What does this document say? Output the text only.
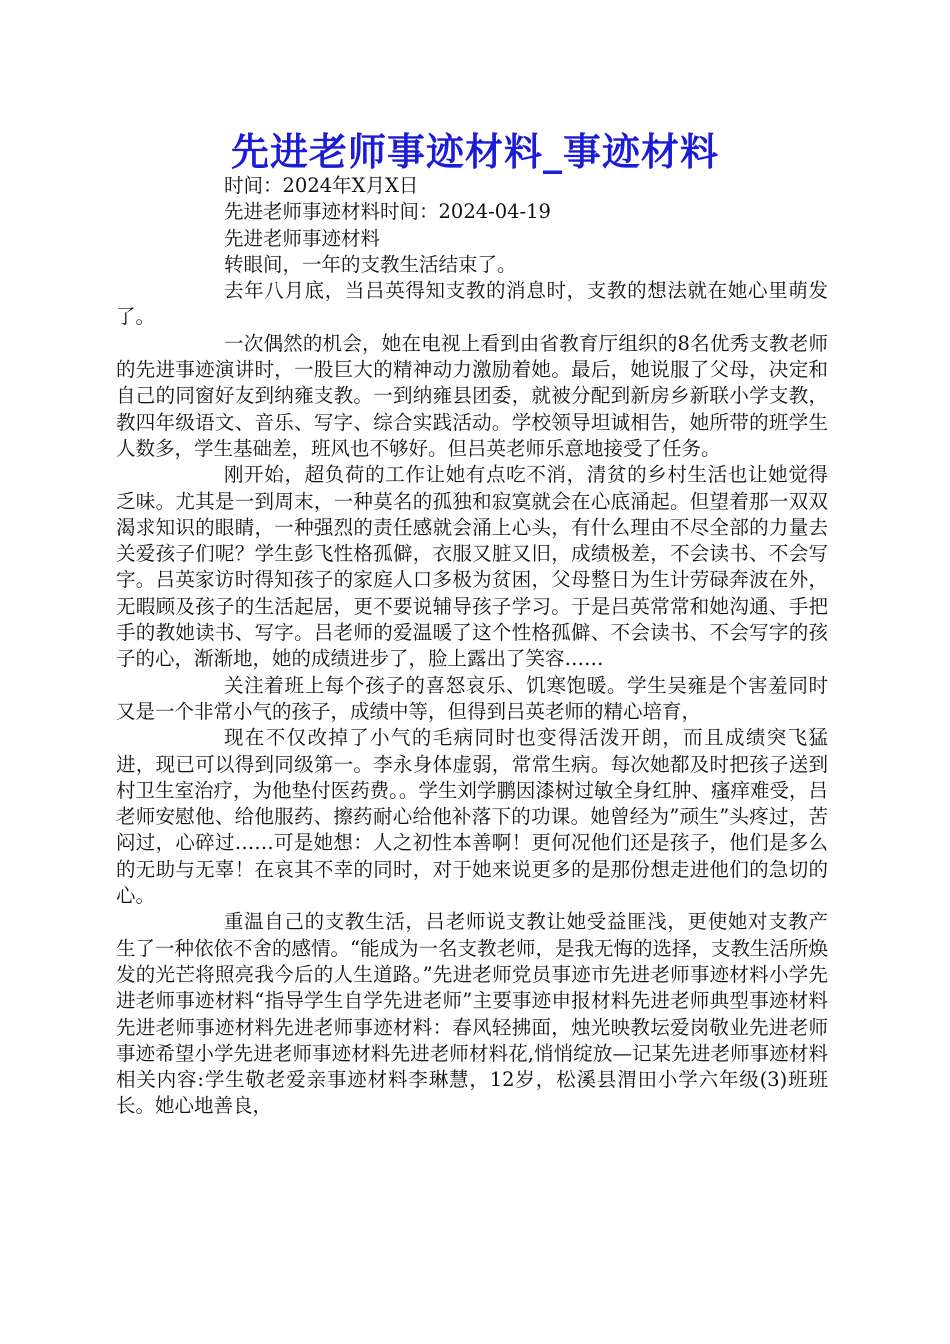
先进老师事迹材料_事迹材料

时间：2024年X月X日

先进老师事迹材料时间：2024-04-19

先进老师事迹材料

转眼间，一年的支教生活结束了。

去年八月底，当吕英得知支教的消息时，支教的想法就在她心里萌发了。

一次偶然的机会，她在电视上看到由省教育厅组织的8名优秀支教老师的先进事迹演讲时，一股巨大的精神动力激励着她。最后，她说服了父母，决定和自己的同窗好友到纳雍支教。一到纳雍县团委，就被分配到新房乡新联小学支教，教四年级语文、音乐、写字、综合实践活动。学校领导坦诚相告，她所带的班学生人数多，学生基础差，班风也不够好。但吕英老师乐意地接受了任务。

刚开始，超负荷的工作让她有点吃不消，清贫的乡村生活也让她觉得乏味。尤其是一到周末，一种莫名的孤独和寂寞就会在心底涌起。但望着那一双双渴求知识的眼睛，一种强烈的责任感就会涌上心头，有什么理由不尽全部的力量去关爱孩子们呢？学生彭飞性格孤僻，衣服又脏又旧，成绩极差，不会读书、不会写字。吕英家访时得知孩子的家庭人口多极为贫困，父母整日为生计劳碌奔波在外，无暇顾及孩子的生活起居，更不要说辅导孩子学习。于是吕英常常和她沟通、手把手的教她读书、写字。吕老师的爱温暖了这个性格孤僻、不会读书、不会写字的孩子的心，渐渐地，她的成绩进步了，脸上露出了笑容……

关注着班上每个孩子的喜怒哀乐、饥寒饱暖。学生吴雍是个害羞同时又是一个非常小气的孩子，成绩中等，但得到吕英老师的精心培育，

现在不仅改掉了小气的毛病同时也变得活泼开朗，而且成绩突飞猛进，现已可以得到同级第一。李永身体虚弱，常常生病。每次她都及时把孩子送到村卫生室治疗，为他垫付医药费。。学生刘学鹏因漆树过敏全身红肿、瘙痒难受，吕老师安慰他、给他服药、擦药耐心给他补落下的功课。她曾经为”顽生”头疼过，苦闷过，心碎过……可是她想：人之初性本善啊！更何况他们还是孩子，他们是多么的无助与无辜！在哀其不幸的同时，对于她来说更多的是那份想走进他们的急切的心。

重温自己的支教生活，吕老师说支教让她受益匪浅，更使她对支教产生了一种依依不舍的感情。“能成为一名支教老师，是我无悔的选择，支教生活所焕发的光芒将照亮我今后的人生道路。”先进老师党员事迹市先进老师事迹材料小学先进老师事迹材料“指导学生自学先进老师”主要事迹申报材料先进老师典型事迹材料先进老师事迹材料先进老师事迹材料：春风轻拂面，烛光映教坛爱岗敬业先进老师事迹希望小学先进老师事迹材料先进老师材料花,悄悄绽放—记某先进老师事迹材料相关内容:学生敬老爱亲事迹材料李琳慧，12岁，松溪县渭田小学六年级(3)班班长。她心地善良，
